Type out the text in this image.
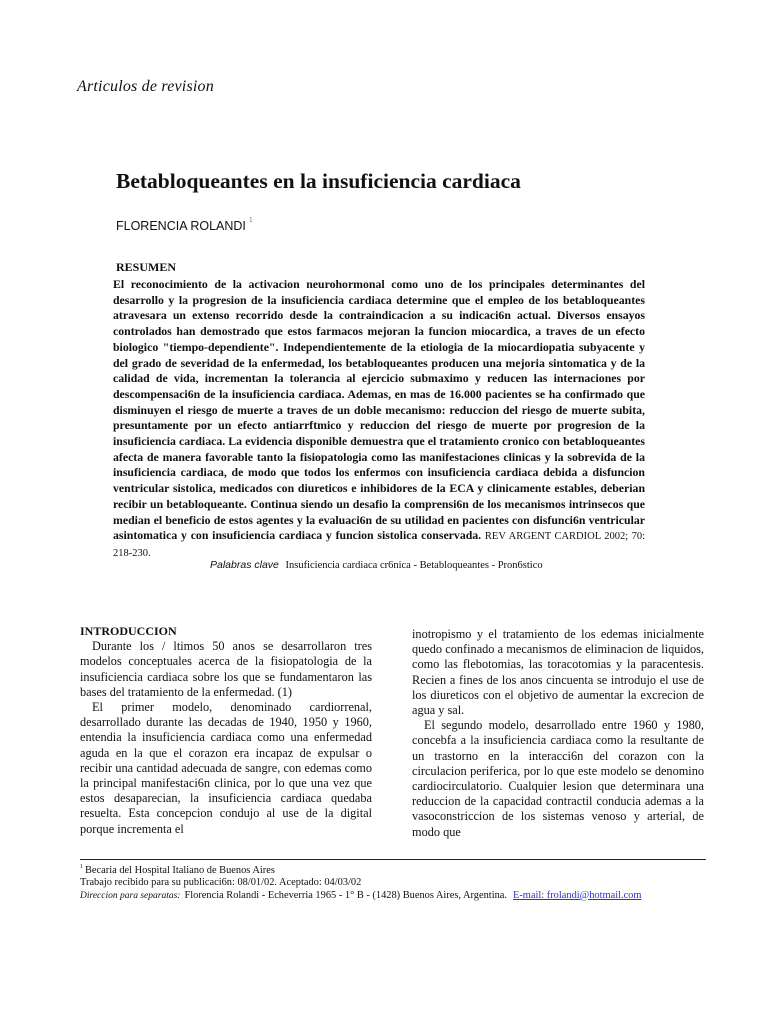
Articulos de revision
Betabloqueantes en la insuficiencia cardiaca
FLORENCIA ROLANDI $^1$
RESUMEN
El reconocimiento de la activacion neurohormonal como uno de los principales determinantes del desarrollo y la progresion de la insuficiencia cardiaca determine que el empleo de los betabloqueantes atravesara un extenso recorrido desde la contraindicacion a su indicaci6n actual. Diversos ensayos controlados han demostrado que estos farmacos mejoran la funcion miocardica, a traves de un efecto biologico "tiempo-dependiente". Independientemente de la etiologia de la miocardiopatia subyacente y del grado de severidad de la enfermedad, los betabloqueantes producen una mejoria sintomatica y de la calidad de vida, incrementan la tolerancia al ejercicio submaximo y reducen las internaciones por descompensaci6n de la insuficiencia cardiaca. Ademas, en mas de 16.000 pacientes se ha confirmado que disminuyen el riesgo de muerte a traves de un doble mecanismo: reduccion del riesgo de muerte subita, presuntamente por un efecto antiarrftmico y reduccion del riesgo de muerte por progresion de la insuficiencia cardiaca. La evidencia disponible demuestra que el tratamiento cronico con betabloqueantes afecta de manera favorable tanto la fisiopatologia como las manifestaciones clinicas y la sobrevida de la insuficiencia cardiaca, de modo que todos los enfermos con insuficiencia cardiaca debida a disfuncion ventricular sistolica, medicados con diureticos e inhibidores de la ECA y clinicamente estables, deberian recibir un betabloqueante. Continua siendo un desafio la comprensi6n de los mecanismos intrinsecos que median el beneficio de estos agentes y la evaluaci6n de su utilidad en pacientes con disfunci6n ventricular asintomatica y con insuficiencia cardiaca y funcion sistolica conservada. REV ARGENT CARDIOL 2002; 70: 218-230.
Palabras clave Insuficiencia cardiaca cr6nica - Betabloqueantes - Pron6stico

INTRODUCCION

Durante los / ltimos 50 anos se desarrollaron tres modelos conceptuales acerca de la fisiopatologia de la insuficiencia cardiaca sobre los que se fundamentaron las bases del tratamiento de la enfermedad. (1)

El primer modelo, denominado cardiorrenal, desarrollado durante las decadas de 1940, 1950 y 1960, entendia la insuficiencia cardiaca como una enfermedad aguda en la que el corazon era incapaz de expulsar o recibir una cantidad adecuada de sangre, con edemas como la principal manifestaci6n clinica, por lo que una vez que estos desaparecian, la insuficiencia cardiaca quedaba resuelta. Esta concepcion condujo al use de la digital porque incrementa el

inotropismo y el tratamiento de los edemas inicialmente quedo confinado a mecanismos de eliminacion de liquidos, como las flebotomias, las toracotomias y la paracentesis. Recien a fines de los anos cincuenta se introdujo el use de los diureticos con el objetivo de aumentar la excrecion de agua y sal.

El segundo modelo, desarrollado entre 1960 y 1980, concebfa a la insuficiencia cardiaca como la resultante de un trastorno en la interacci6n del corazon con la circulacion periferica, por lo que este modelo se denomino cardiocirculatorio. Cualquier lesion que determinara una reduccion de la capacidad contractil conducia ademas a la vasoconstriccion de los sistemas venoso y arterial, de modo que

$^1$ Becaria del Hospital Italiano de Buenos Aires
Trabajo recibido para su publicaci6n: 08/01/02. Aceptado: 04/03/02
Direccion para separatas: Florencia Rolandi - Echeverria 1965 - 1° B - (1428) Buenos Aires, Argentina. E-mail: frolandi@hotmail.com
